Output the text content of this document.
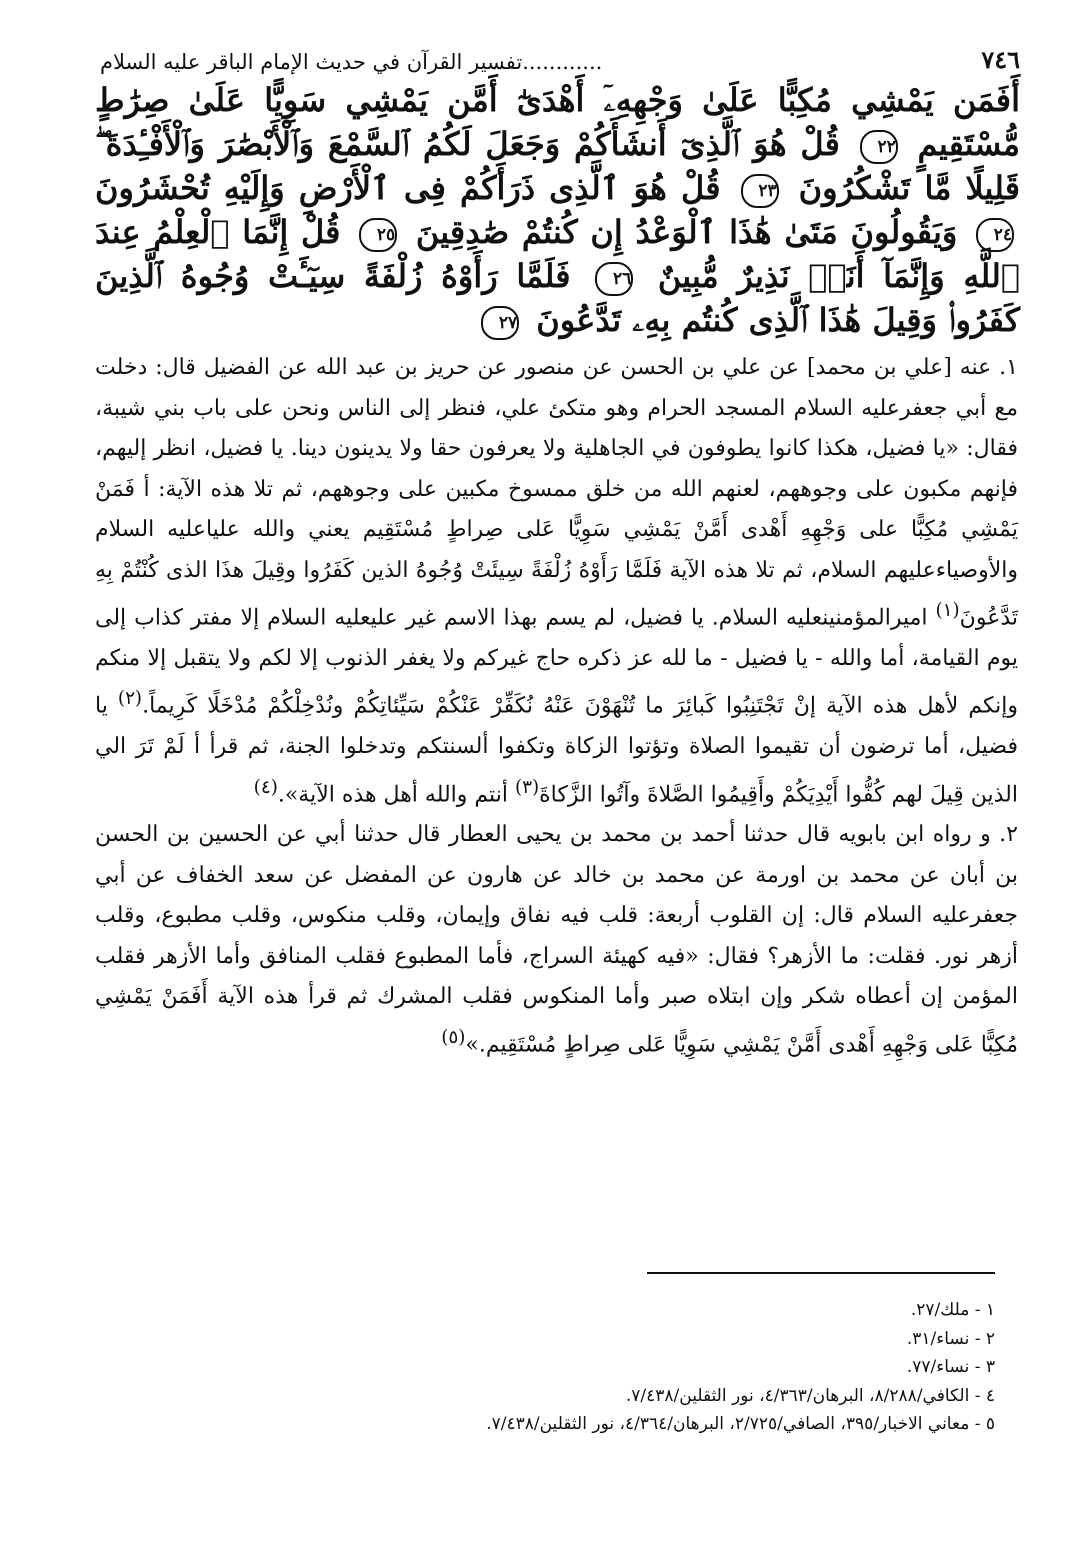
٧٤٦
............تفسير القرآن في حديث الإمام الباقر عليه السلام
أَفَمَن يَمْشِي مُكِبًّا عَلَىٰ وَجْهِهِۦٓ أَهْدَىٰٓ أَمَّن يَمْشِي سَوِيًّا عَلَىٰ صِرَٰطٍ مُّسْتَقِيمٍ ٢٢ قُلْ هُوَ ٱلَّذِىٓ أَنشَأَكُمْ وَجَعَلَ لَكُمُ ٱلسَّمْعَ وَٱلْأَبْصَٰرَ وَٱلْأَفْـِٔدَةَ ۖ قَلِيلًا مَّا تَشْكُرُونَ ٢٣ قُلْ هُوَ ٱلَّذِى ذَرَأَكُمْ فِى ٱلْأَرْضِ وَإِلَيْهِ تُحْشَرُونَ ٢٤ وَيَقُولُونَ مَتَىٰ هَٰذَا ٱلْوَعْدُ إِن كُنتُمْ صَٰدِقِينَ ٢٥ قُلْ إِنَّمَا ٱلْعِلْمُ عِندَ ٱللَّهِ وَإِنَّمَآ أَنَا۠ نَذِيرٌ مُّبِينٌ ٢٦ فَلَمَّا رَأَوْهُ زُلْفَةً سِيٓـَٔتْ وُجُوهُ ٱلَّذِينَ كَفَرُوا۟ وَقِيلَ هَٰذَا ٱلَّذِى كُنتُم بِهِۦ تَدَّعُونَ ٢٧

١. عنه [علي بن محمد] عن علي بن الحسن عن منصور عن حريز بن عبد الله عن الفضيل قال: دخلت مع أبي جعفرعليه السلام المسجد الحرام وهو متكئ علي، فنظر إلى الناس ونحن على باب بني شيبة، فقال: «يا فضيل، هكذا كانوا يطوفون في الجاهلية ولا يعرفون حقا ولا يدينون دينا. يا فضيل، انظر إليهم، فإنهم مكبون على وجوههم، لعنهم الله من خلق ممسوخ مكبين على وجوههم، ثم تلا هذه الآية: أ فَمَنْ يَمْشِي مُكِبًّا على وَجْهِهِ أَهْدى أَمَّنْ يَمْشِي سَوِيًّا عَلى صِراطٍ مُسْتَقِيم يعني والله علياعليه السلام والأوصياءعليهم السلام، ثم تلا هذه الآية فَلَمَّا رَأَوْهُ زُلْفَةً سِيئَتْ وُجُوهُ الذين كَفَرُوا وقِيلَ هذَا الذى كُنْتُمْ بِهِ تَدَّعُونَ$^{(١)}$ اميرالمؤمنينعليه السلام. يا فضيل، لم يسم بهذا الاسم غير عليعليه السلام إلا مفتر كذاب إلى يوم القيامة، أما والله - يا فضيل - ما لله عز ذكره حاج غيركم ولا يغفر الذنوب إلا لكم ولا يتقبل إلا منكم وإنكم لأهل هذه الآية إنْ تَجْتَنِبُوا كَبائِرَ ما تُنْهَوْنَ عَنْهُ نُكَفِّرْ عَنْكُمْ سَيِّئاتِكُمْ ونُدْخِلْكُمْ مُدْخَلًا كَرِيماً.$^{(٢)}$ يا فضيل، أما ترضون أن تقيموا الصلاة وتؤتوا الزكاة وتكفوا ألسنتكم وتدخلوا الجنة، ثم قرأ أ لَمْ تَرَ الي الذين قِيلَ لهم كُفُّوا أَيْدِيَكُمْ وأَقِيمُوا الصَّلاةَ وآتُوا الزَّكاةَ$^{(٣)}$ أنتم والله أهل هذه الآية».$^{(٤)}$

٢. و رواه ابن بابويه قال حدثنا أحمد بن محمد بن يحيى العطار قال حدثنا أبي عن الحسين بن الحسن بن أبان عن محمد بن اورمة عن محمد بن خالد عن هارون عن المفضل عن سعد الخفاف عن أبي جعفرعليه السلام قال: إن القلوب أربعة: قلب فيه نفاق وإيمان، وقلب منكوس، وقلب مطبوع، وقلب أزهر نور. فقلت: ما الأزهر؟ فقال: «فيه كهيئة السراج، فأما المطبوع فقلب المنافق وأما الأزهر فقلب المؤمن إن أعطاه شكر وإن ابتلاه صبر وأما المنكوس فقلب المشرك ثم قرأ هذه الآية أَفَمَنْ يَمْشِي مُكِبًّا عَلى وَجْهِهِ أَهْدى أَمَّنْ يَمْشِي سَوِيًّا عَلى صِراطٍ مُسْتَقِيم.»$^{(٥)}$

١ - ملك/٢٧.
٢ - نساء/٣١.
٣ - نساء/٧٧.
٤ - الكافي/٨/٢٨٨، البرهان/٤/٣٦٣، نور الثقلين/٧/٤٣٨.
٥ - معاني الاخبار/٣٩٥، الصافي/٢/٧٢٥، البرهان/٤/٣٦٤، نور الثقلين/٧/٤٣٨.
